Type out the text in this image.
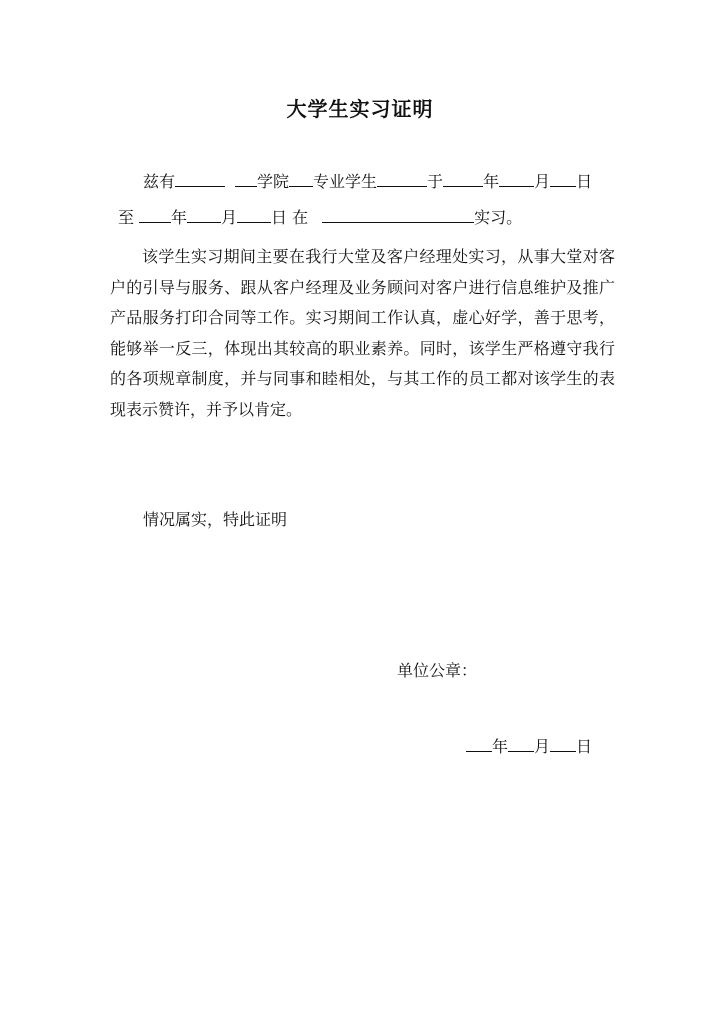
大学生实习证明
兹有	学院 专业学生	于	年 月 日
至 年 月 日 在	实习。
该学生实习期间主要在我行大堂及客户经理处实习，从事大堂对客户的引导与服务、跟从客户经理及业务顾问对客户进行信息维护及推广产品服务打印合同等工作。实习期间工作认真，虚心好学，善于思考，能够举一反三，体现出其较高的职业素养。同时，该学生严格遵守我行的各项规章制度，并与同事和睦相处，与其工作的员工都对该学生的表现表示赞许，并予以肯定。
情况属实，特此证明
单位公章：
年 月 日
